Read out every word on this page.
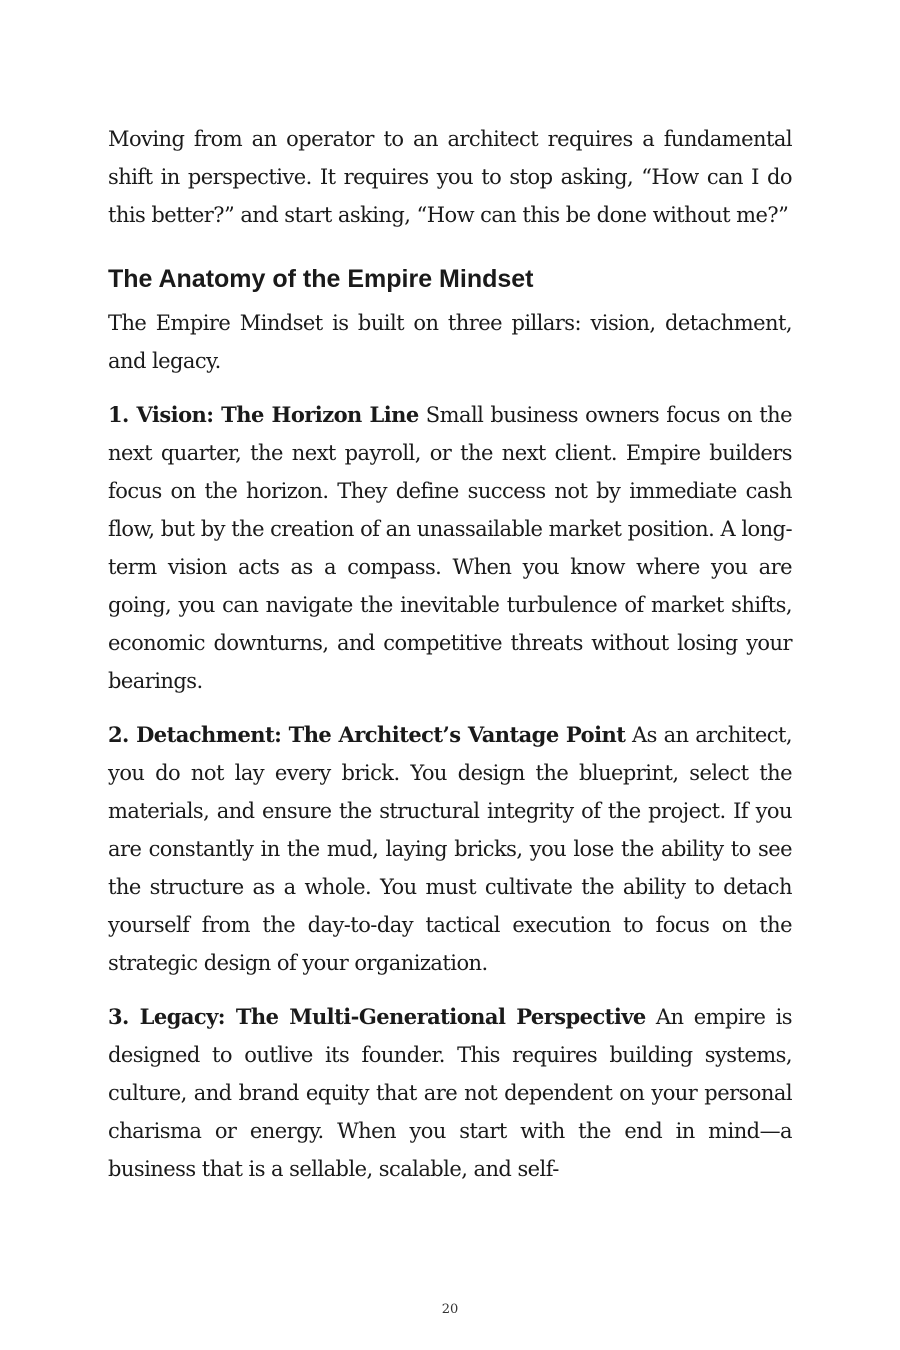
Moving from an operator to an architect requires a fundamental shift in perspective. It requires you to stop asking, “How can I do this better?” and start asking, “How can this be done without me?”

The Anatomy of the Empire Mindset

The Empire Mindset is built on three pillars: vision, detachment, and legacy.

1. Vision: The Horizon Line Small business owners focus on the next quarter, the next payroll, or the next client. Empire builders focus on the horizon. They define success not by immediate cash flow, but by the creation of an unassailable market position. A long-term vision acts as a compass. When you know where you are going, you can navigate the inevitable turbulence of market shifts, economic downturns, and competitive threats without losing your bearings.

2. Detachment: The Architect’s Vantage Point As an architect, you do not lay every brick. You design the blueprint, select the materials, and ensure the structural integrity of the project. If you are constantly in the mud, laying bricks, you lose the ability to see the structure as a whole. You must cultivate the ability to detach yourself from the day-to-day tactical execution to focus on the strategic design of your organization.

3. Legacy: The Multi-Generational Perspective An empire is designed to outlive its founder. This requires building systems, culture, and brand equity that are not dependent on your personal charisma or energy. When you start with the end in mind—a business that is a sellable, scalable, and self-

20
